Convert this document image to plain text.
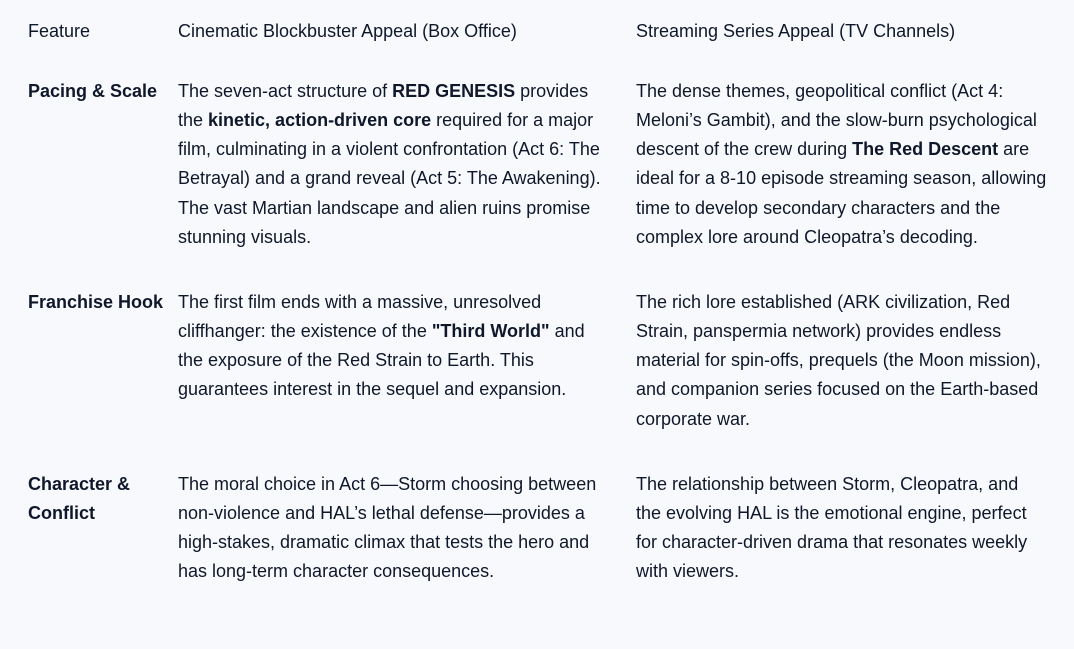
Feature	Cinematic Blockbuster Appeal (Box Office)	Streaming Series Appeal (TV Channels)
Pacing & Scale	The seven-act structure of RED GENESIS provides the kinetic, action-driven core required for a major film, culminating in a violent confrontation (Act 6: The Betrayal) and a grand reveal (Act 5: The Awakening). The vast Martian landscape and alien ruins promise stunning visuals.	The dense themes, geopolitical conflict (Act 4: Meloni’s Gambit), and the slow-burn psychological descent of the crew during The Red Descent are ideal for a 8-10 episode streaming season, allowing time to develop secondary characters and the complex lore around Cleopatra’s decoding.
Franchise Hook	The first film ends with a massive, unresolved cliffhanger: the existence of the "Third World" and the exposure of the Red Strain to Earth. This guarantees interest in the sequel and expansion.	The rich lore established (ARK civilization, Red Strain, panspermia network) provides endless material for spin-offs, prequels (the Moon mission), and companion series focused on the Earth-based corporate war.
Character & Conflict	The moral choice in Act 6—Storm choosing between non-violence and HAL’s lethal defense—provides a high-stakes, dramatic climax that tests the hero and has long-term character consequences.	The relationship between Storm, Cleopatra, and the evolving HAL is the emotional engine, perfect for character-driven drama that resonates weekly with viewers.
